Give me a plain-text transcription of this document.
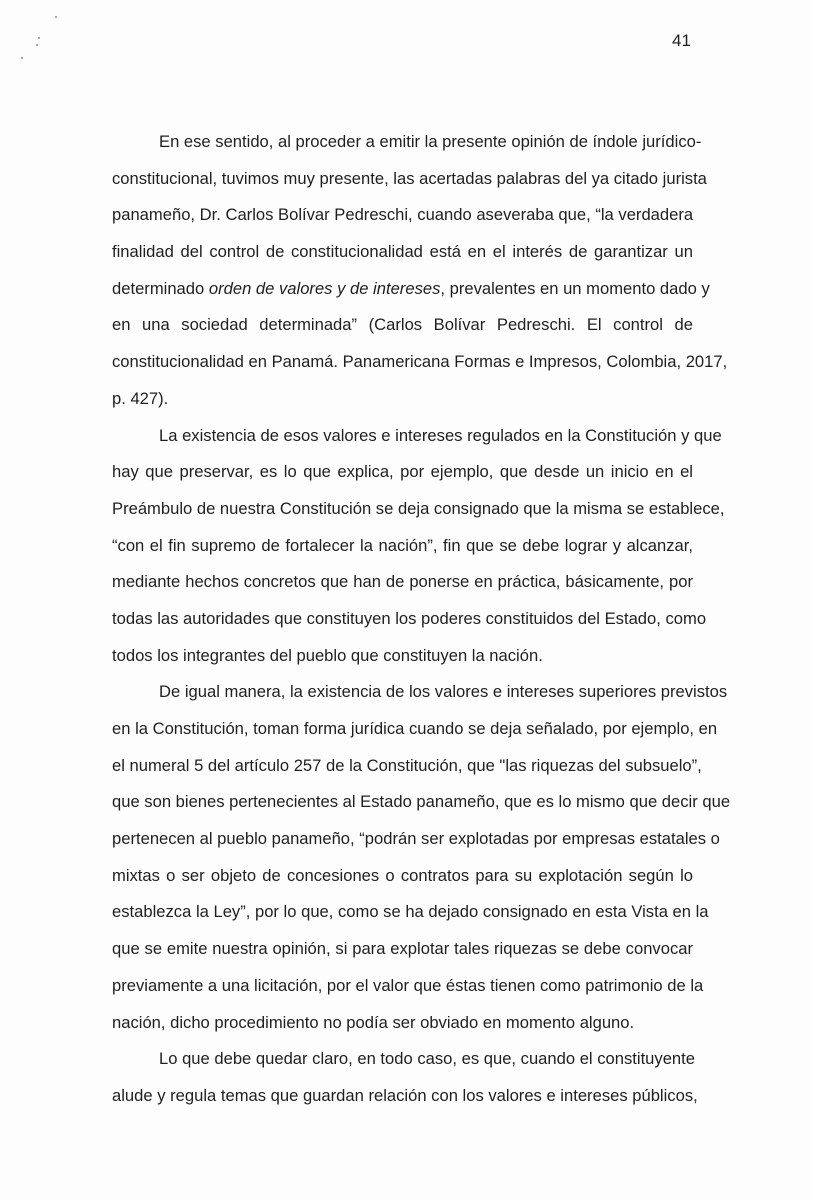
41
En ese sentido, al proceder a emitir la presente opinión de índole jurídico-
constitucional, tuvimos muy presente, las acertadas palabras del ya citado jurista
panameño, Dr. Carlos Bolívar Pedreschi, cuando aseveraba que, “la verdadera
finalidad del control de constitucionalidad está en el interés de garantizar un
determinado orden de valores y de intereses, prevalentes en un momento dado y
en una sociedad determinada” (Carlos Bolívar Pedreschi. El control de
constitucionalidad en Panamá. Panamericana Formas e Impresos, Colombia, 2017,
p. 427).
La existencia de esos valores e intereses regulados en la Constitución y que
hay que preservar, es lo que explica, por ejemplo, que desde un inicio en el
Preámbulo de nuestra Constitución se deja consignado que la misma se establece,
“con el fin supremo de fortalecer la nación”, fin que se debe lograr y alcanzar,
mediante hechos concretos que han de ponerse en práctica, básicamente, por
todas las autoridades que constituyen los poderes constituidos del Estado, como
todos los integrantes del pueblo que constituyen la nación.
De igual manera, la existencia de los valores e intereses superiores previstos
en la Constitución, toman forma jurídica cuando se deja señalado, por ejemplo, en
el numeral 5 del artículo 257 de la Constitución, que "las riquezas del subsuelo”,
que son bienes pertenecientes al Estado panameño, que es lo mismo que decir que
pertenecen al pueblo panameño, “podrán ser explotadas por empresas estatales o
mixtas o ser objeto de concesiones o contratos para su explotación según lo
establezca la Ley”, por lo que, como se ha dejado consignado en esta Vista en la
que se emite nuestra opinión, si para explotar tales riquezas se debe convocar
previamente a una licitación, por el valor que éstas tienen como patrimonio de la
nación, dicho procedimiento no podía ser obviado en momento alguno.
Lo que debe quedar claro, en todo caso, es que, cuando el constituyente
alude y regula temas que guardan relación con los valores e intereses públicos,
